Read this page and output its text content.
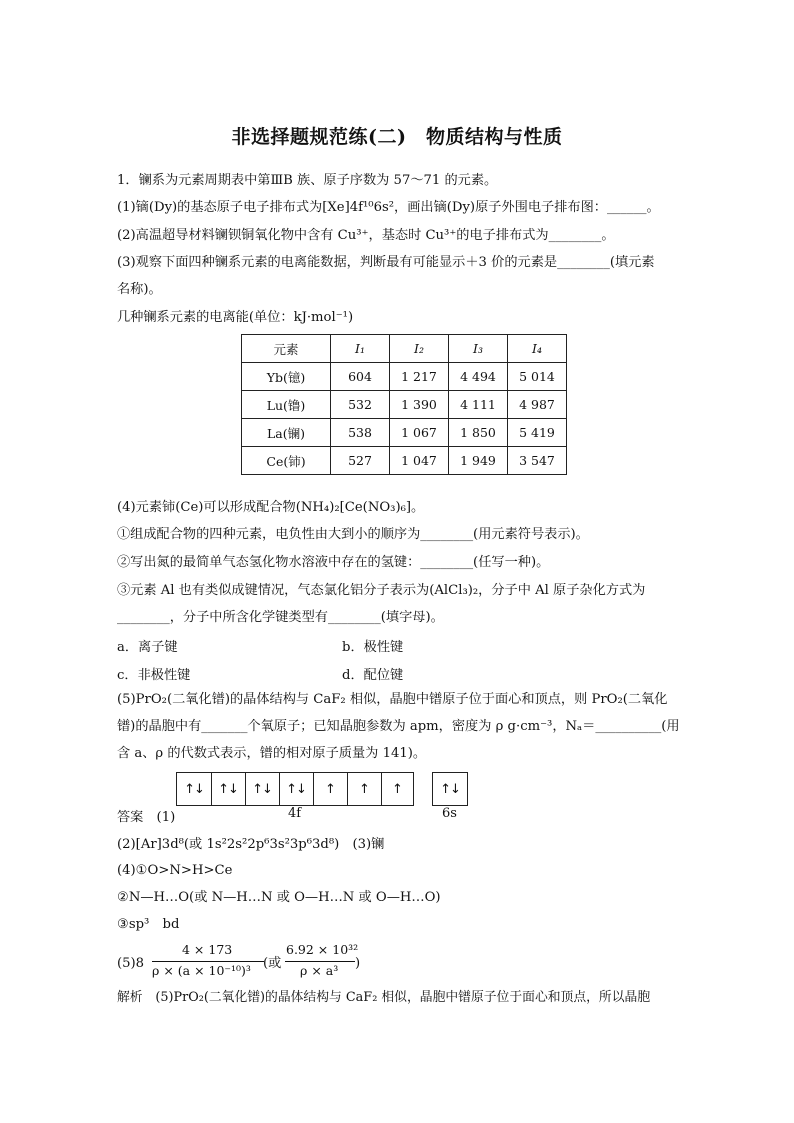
非选择题规范练(二)　物质结构与性质
1．镧系为元素周期表中第ⅢB 族、原子序数为 57～71 的元素。
(1)镝(Dy)的基态原子电子排布式为[Xe]4f¹⁰6s²，画出镝(Dy)原子外围电子排布图：______。
(2)高温超导材料镧钡铜氧化物中含有 Cu³⁺，基态时 Cu³⁺的电子排布式为________。
(3)观察下面四种镧系元素的电离能数据，判断最有可能显示＋3 价的元素是________(填元素
名称)。
几种镧系元素的电离能(单位：kJ·mol⁻¹)
元素	I₁	I₂	I₃	I₄
Yb(镱)	604	1 217	4 494	5 014
Lu(镥)	532	1 390	4 111	4 987
La(镧)	538	1 067	1 850	5 419
Ce(铈)	527	1 047	1 949	3 547
(4)元素铈(Ce)可以形成配合物(NH₄)₂[Ce(NO₃)₆]。
①组成配合物的四种元素，电负性由大到小的顺序为________(用元素符号表示)。
②写出氮的最简单气态氢化物水溶液中存在的氢键：________(任写一种)。
③元素 Al 也有类似成键情况，气态氯化铝分子表示为(AlCl₃)₂，分子中 Al 原子杂化方式为
________，分子中所含化学键类型有________(填字母)。
a．离子键	b．极性键
c．非极性键	d．配位键
(5)PrO₂(二氧化镨)的晶体结构与 CaF₂ 相似，晶胞中镨原子位于面心和顶点，则 PrO₂(二氧化
镨)的晶胞中有_______个氧原子；已知晶胞参数为 apm，密度为 ρ g·cm⁻³，Nₐ＝__________(用
含 a、ρ 的代数式表示，镨的相对原子质量为 141)。
答案　(1)
↑↓	↑↓	↑↓	↑↓	↑	↑	↑	↑↓
4f	6s
(2)[Ar]3d⁸(或 1s²2s²2p⁶3s²3p⁶3d⁸)　(3)镧
(4)①O>N>H>Ce
②N—H…O(或 N—H…N 或 O—H…N 或 O—H…O)
③sp³　bd
(5)8
4 × 173
ρ × (a × 10⁻¹⁰)³ (或
6.92 × 10³²
ρ × a³ )
解析　(5)PrO₂(二氧化镨)的晶体结构与 CaF₂ 相似，晶胞中镨原子位于面心和顶点，所以晶胞
